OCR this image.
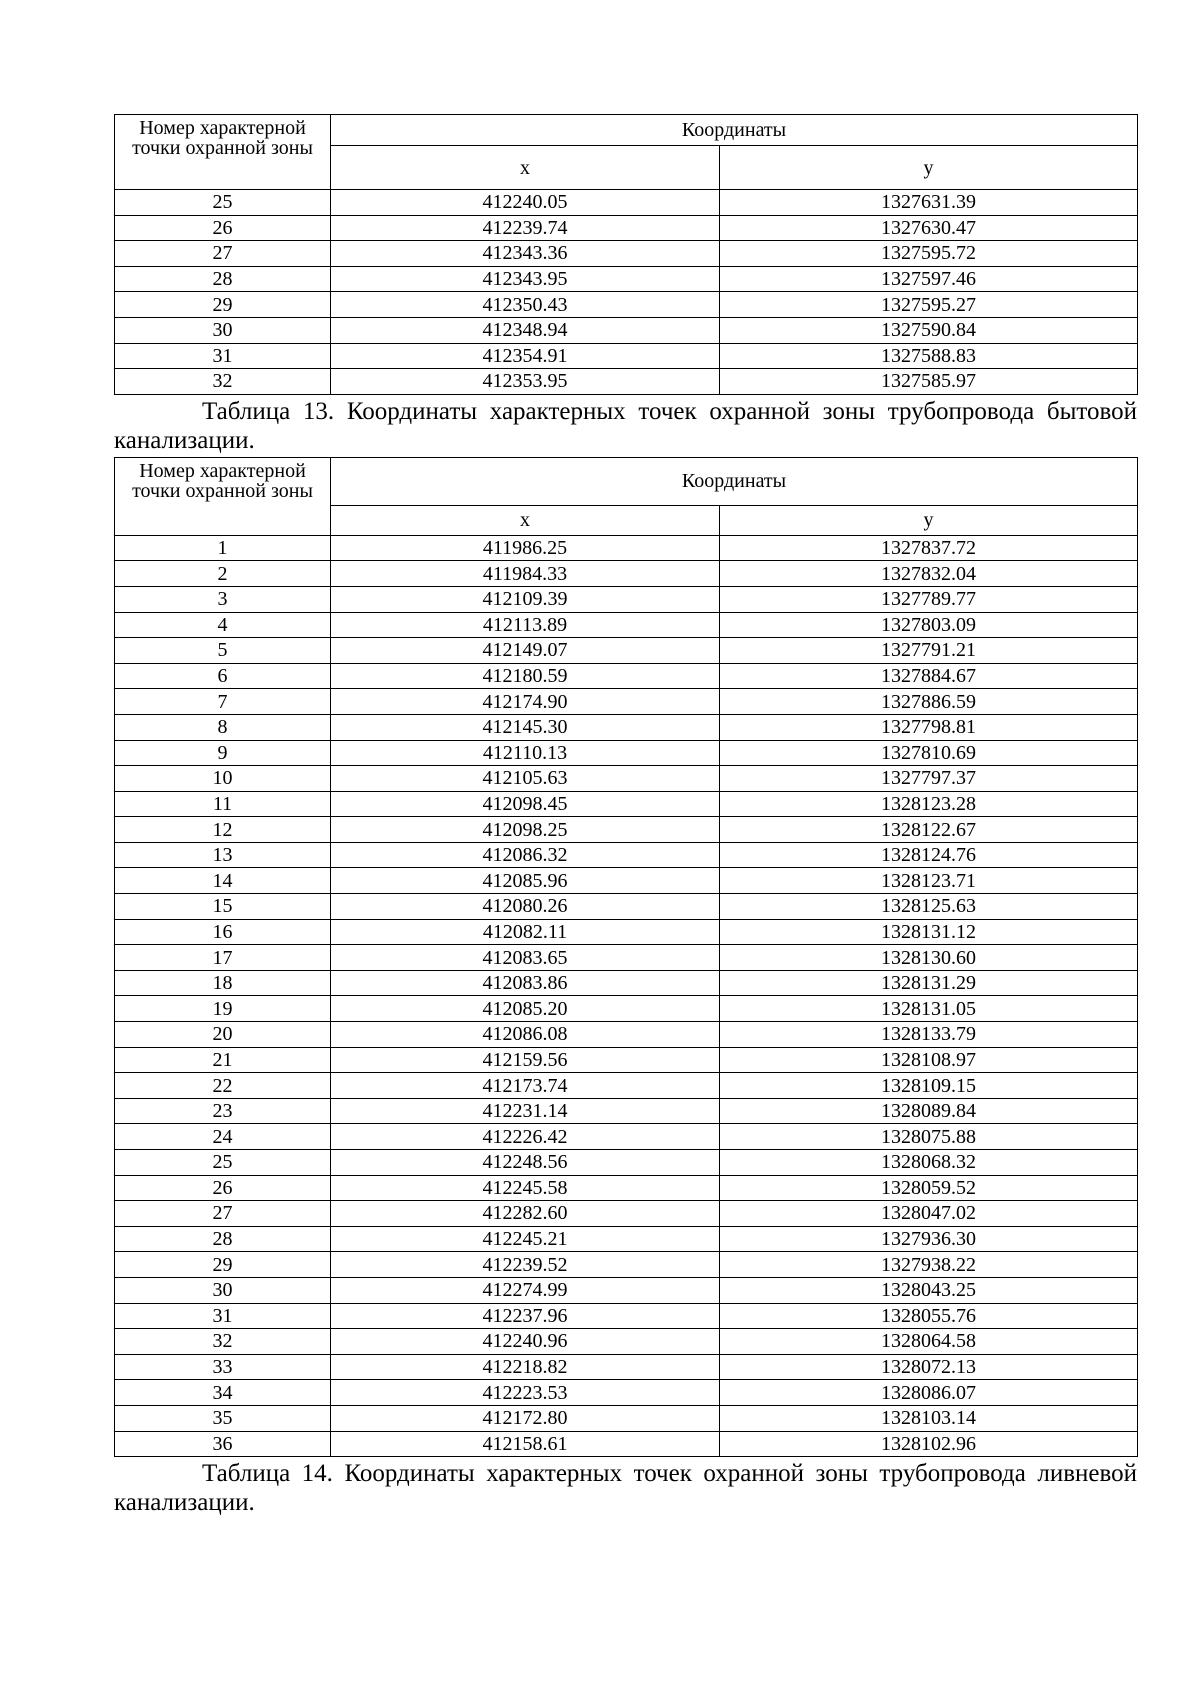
Номер характерной точки охранной зоны	Координаты	
	х	у
25	412240.05	1327631.39
26	412239.74	1327630.47
27	412343.36	1327595.72
28	412343.95	1327597.46
29	412350.43	1327595.27
30	412348.94	1327590.84
31	412354.91	1327588.83
32	412353.95	1327585.97

Таблица 13. Координаты характерных точек охранной зоны трубопровода бытовой канализации.

Номер характерной точки охранной зоны	Координаты	
	х	у
1	411986.25	1327837.72
2	411984.33	1327832.04
3	412109.39	1327789.77
4	412113.89	1327803.09
5	412149.07	1327791.21
6	412180.59	1327884.67
7	412174.90	1327886.59
8	412145.30	1327798.81
9	412110.13	1327810.69
10	412105.63	1327797.37
11	412098.45	1328123.28
12	412098.25	1328122.67
13	412086.32	1328124.76
14	412085.96	1328123.71
15	412080.26	1328125.63
16	412082.11	1328131.12
17	412083.65	1328130.60
18	412083.86	1328131.29
19	412085.20	1328131.05
20	412086.08	1328133.79
21	412159.56	1328108.97
22	412173.74	1328109.15
23	412231.14	1328089.84
24	412226.42	1328075.88
25	412248.56	1328068.32
26	412245.58	1328059.52
27	412282.60	1328047.02
28	412245.21	1327936.30
29	412239.52	1327938.22
30	412274.99	1328043.25
31	412237.96	1328055.76
32	412240.96	1328064.58
33	412218.82	1328072.13
34	412223.53	1328086.07
35	412172.80	1328103.14
36	412158.61	1328102.96

Таблица 14. Координаты характерных точек охранной зоны трубопровода ливневой канализации.
